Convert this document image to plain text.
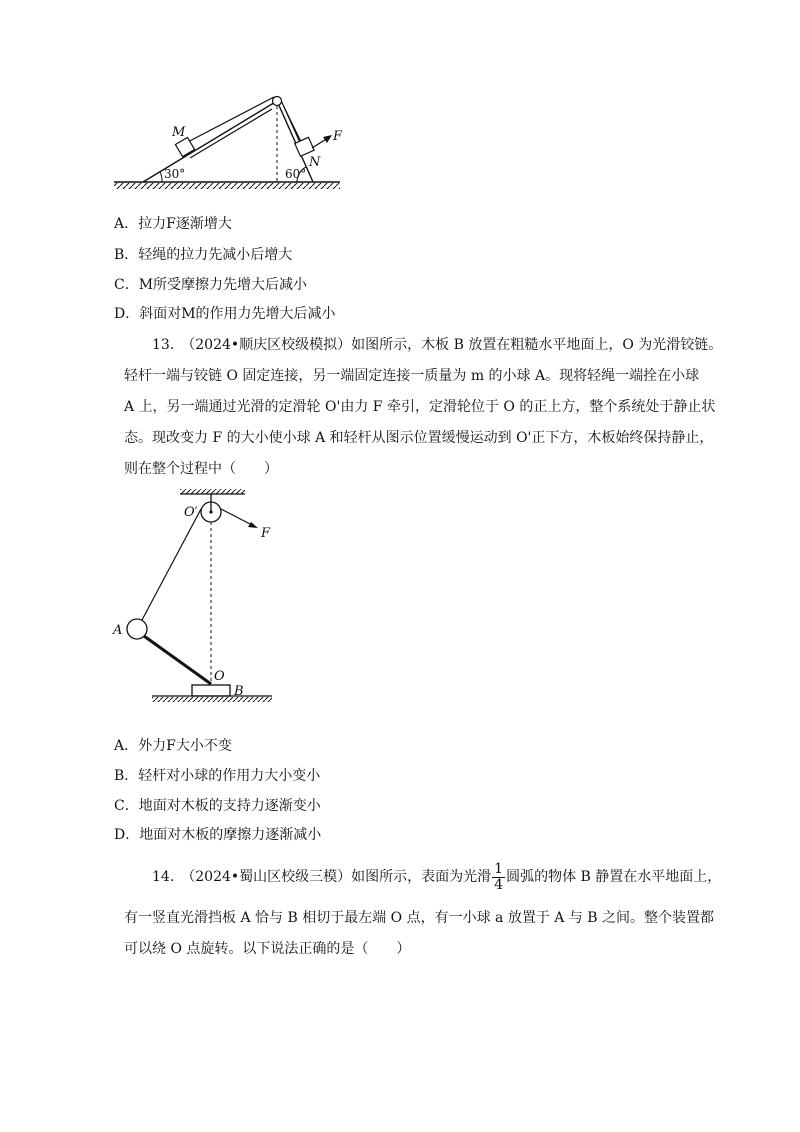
M
N
F
30°	60°
A．拉力F逐渐增大
B．轻绳的拉力先减小后增大
C．M所受摩擦力先增大后减小
D．斜面对M的作用力先增大后减小
13.　（2024•顺庆区校级模拟）如图所示，木板 B 放置在粗糙水平地面上，O 为光滑铰链。
轻杆一端与铰链 O 固定连接，另一端固定连接一质量为 m 的小球 A。现将轻绳一端拴在小球
A 上，另一端通过光滑的定滑轮 O'由力 F 牵引，定滑轮位于 O 的正上方，整个系统处于静止状
态。现改变力 F 的大小使小球 A 和轻杆从图示位置缓慢运动到 O'正下方，木板始终保持静止，
则在整个过程中（　　）
O′
F
A
O
B
A．外力F大小不变
B．轻杆对小球的作用力大小变小
C．地面对木板的支持力逐渐变小
D．地面对木板的摩擦力逐渐减小
14.　（2024•蜀山区校级三模）如图所示，表面为光滑 $\frac{1}{4}$ 圆弧的物体 B 静置在水平地面上，
有一竖直光滑挡板 A 恰与 B 相切于最左端 O 点，有一小球 a 放置于 A 与 B 之间。整个装置都
可以绕 O 点旋转。以下说法正确的是（　　）
